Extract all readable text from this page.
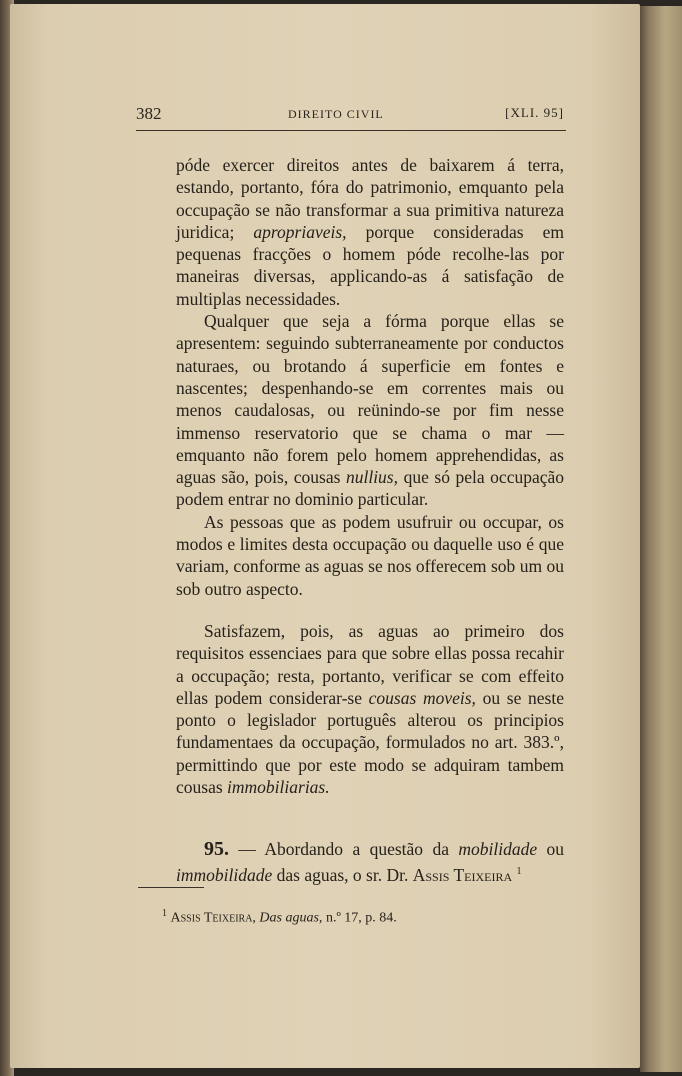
382	DIREITO CIVIL	[XLI. 95]

póde exercer direitos antes de baixarem á terra, estando, portanto, fóra do patrimonio, emquanto pela occupação se não transformar a sua primitiva natureza juridica; apropriaveis, porque consideradas em pequenas fracções o homem póde recolhe-las por maneiras diversas, applicando-as á satisfação de multiplas necessidades.

Qualquer que seja a fórma porque ellas se apresentem: seguindo subterraneamente por conductos naturaes, ou brotando á superficie em fontes e nascentes; despenhando-se em correntes mais ou menos caudalosas, ou reünindo-se por fim nesse immenso reservatorio que se chama o mar — emquanto não forem pelo homem apprehendidas, as aguas são, pois, cousas nullius, que só pela occupação podem entrar no dominio particular.

As pessoas que as podem usufruir ou occupar, os modos e limites desta occupação ou daquelle uso é que variam, conforme as aguas se nos offerecem sob um ou sob outro aspecto.

Satisfazem, pois, as aguas ao primeiro dos requisitos essenciaes para que sobre ellas possa recahir a occupação; resta, portanto, verificar se com effeito ellas podem considerar-se cousas moveis, ou se neste ponto o legislador português alterou os principios fundamentaes da occupação, formulados no art. 383.º, permittindo que por este modo se adquiram tambem cousas immobiliarias.

95. — Abordando a questão da mobilidade ou immobilidade das aguas, o sr. Dr. Assis Teixeira $^1$

$^1$ Assis Teixeira, Das aguas, n.º 17, p. 84.
